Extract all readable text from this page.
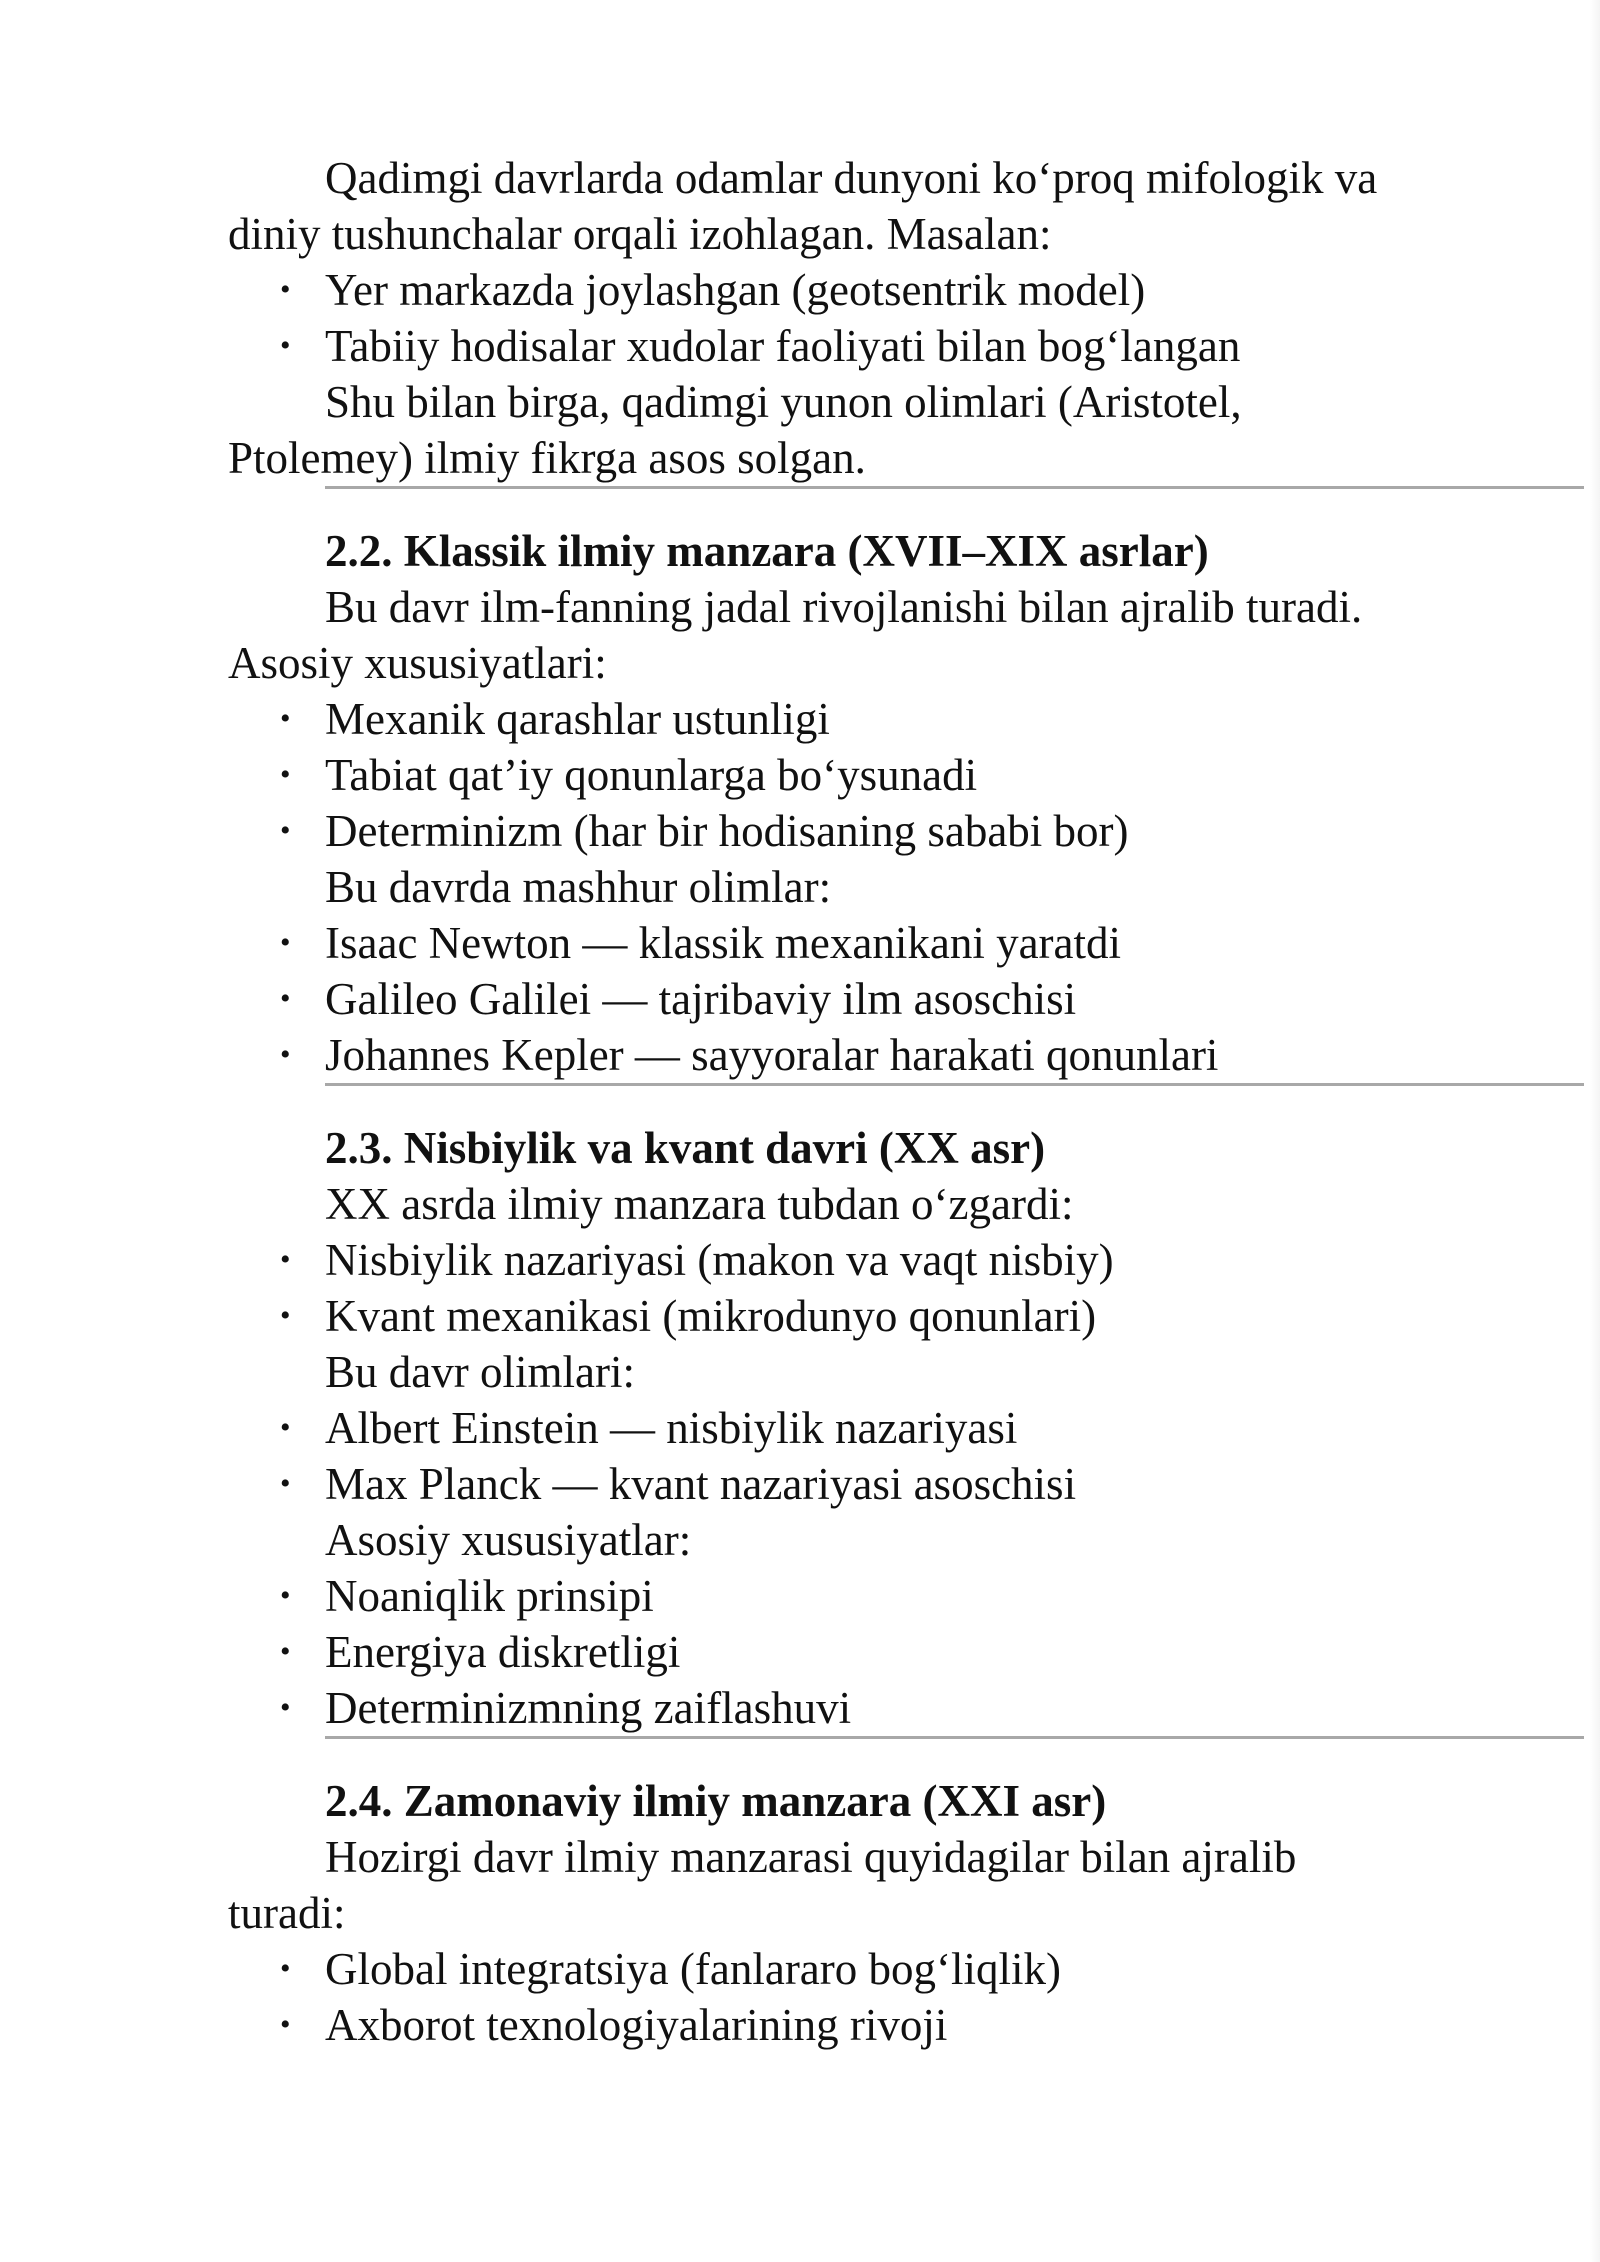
Qadimgi davrlarda odamlar dunyoni ko‘proq mifologik va
diniy tushunchalar orqali izohlagan. Masalan:
• Yer markazda joylashgan (geotsentrik model)
• Tabiiy hodisalar xudolar faoliyati bilan bog‘langan
Shu bilan birga, qadimgi yunon olimlari (Aristotel,
Ptolemey) ilmiy fikrga asos solgan.
2.2. Klassik ilmiy manzara (XVII–XIX asrlar)
Bu davr ilm-fanning jadal rivojlanishi bilan ajralib turadi.
Asosiy xususiyatlari:
• Mexanik qarashlar ustunligi
• Tabiat qat’iy qonunlarga bo‘ysunadi
• Determinizm (har bir hodisaning sababi bor)
Bu davrda mashhur olimlar:
• Isaac Newton — klassik mexanikani yaratdi
• Galileo Galilei — tajribaviy ilm asoschisi
• Johannes Kepler — sayyoralar harakati qonunlari
2.3. Nisbiylik va kvant davri (XX asr)
XX asrda ilmiy manzara tubdan o‘zgardi:
• Nisbiylik nazariyasi (makon va vaqt nisbiy)
• Kvant mexanikasi (mikrodunyo qonunlari)
Bu davr olimlari:
• Albert Einstein — nisbiylik nazariyasi
• Max Planck — kvant nazariyasi asoschisi
Asosiy xususiyatlar:
• Noaniqlik prinsipi
• Energiya diskretligi
• Determinizmning zaiflashuvi
2.4. Zamonaviy ilmiy manzara (XXI asr)
Hozirgi davr ilmiy manzarasi quyidagilar bilan ajralib
turadi:
• Global integratsiya (fanlararo bog‘liqlik)
• Axborot texnologiyalarining rivoji
